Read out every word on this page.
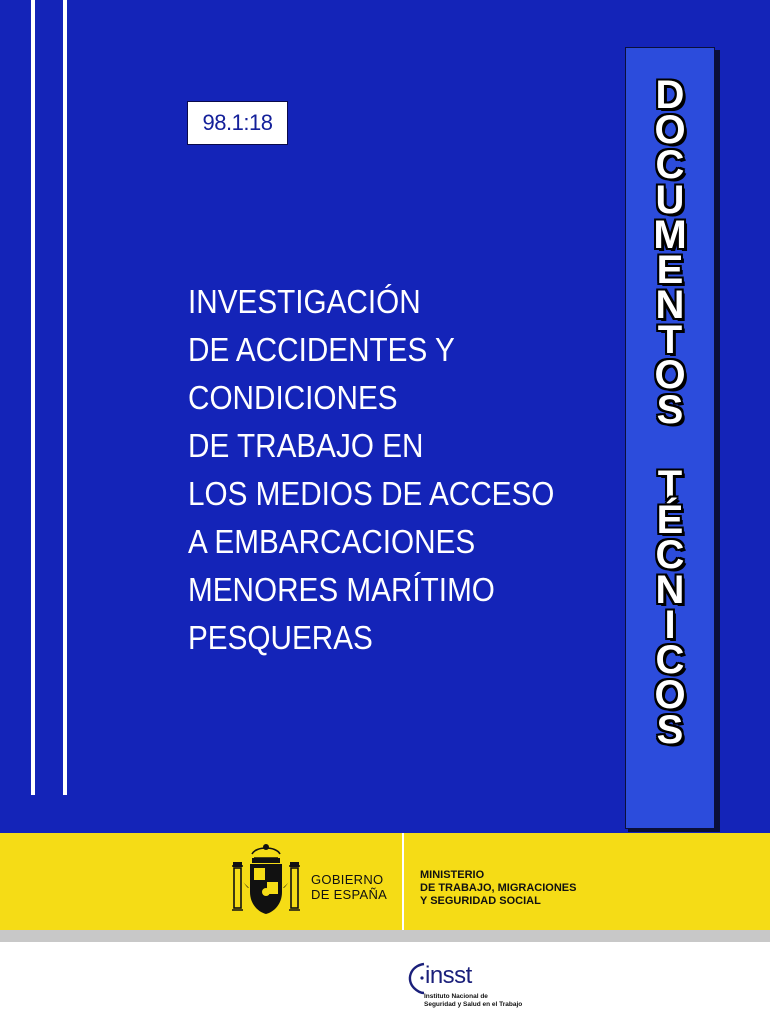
98.1:18
INVESTIGACIÓN
DE ACCIDENTES Y
CONDICIONES
DE TRABAJO EN
LOS MEDIOS DE ACCESO
A EMBARCACIONES
MENORES MARÍTIMO
PESQUERAS
D
O
C
U
M
E
N
T
O
S
T
É
C
N
I
C
O
S

GOBIERNO
DE ESPAÑA

MINISTERIO
DE TRABAJO, MIGRACIONES
Y SEGURIDAD SOCIAL

insst
Instituto Nacional de
Seguridad y Salud en el Trabajo
